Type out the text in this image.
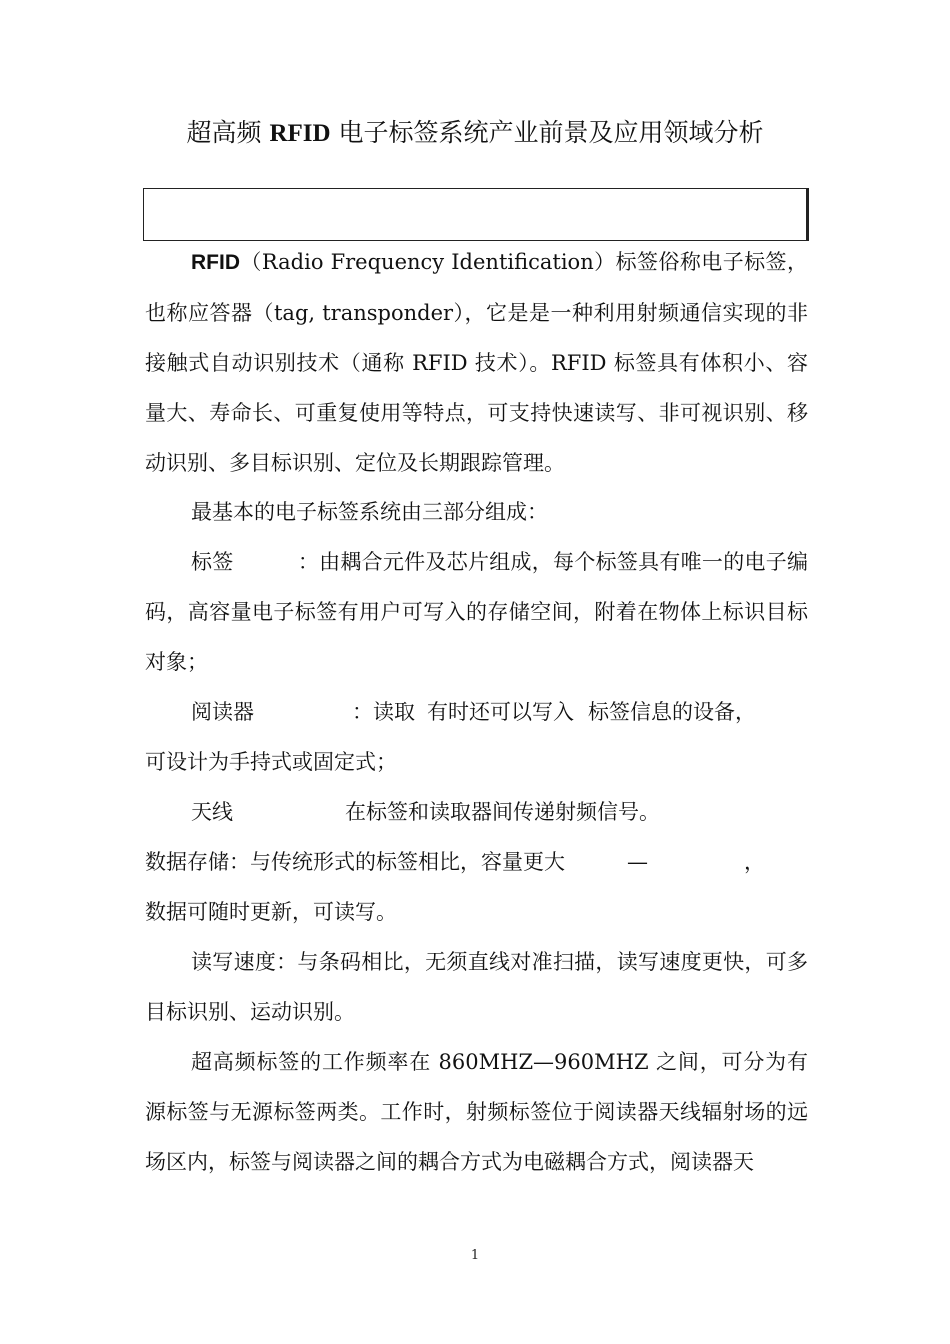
超高频 RFID 电子标签系统产业前景及应用领域分析
RFID（Radio Frequency Identification）标签俗称电子标签，也称应答器（tag, transponder），它是是一种利用射频通信实现的非接触式自动识别技术（通称 RFID 技术）。RFID 标签具有体积小、容量大、寿命长、可重复使用等特点，可支持快速读写、非可视识别、移动识别、多目标识别、定位及长期跟踪管理。
最基本的电子标签系统由三部分组成：
标签	：由耦合元件及芯片组成，每个标签具有唯一的电子编码，高容量电子标签有用户可写入的存储空间，附着在物体上标识目标对象；
阅读器	：读取 有时还可以写入 标签信息的设备，
可设计为手持式或固定式；
天线	在标签和读取器间传递射频信号。
数据存储：与传统形式的标签相比，容量更大	—	，
数据可随时更新，可读写。
读写速度：与条码相比，无须直线对准扫描，读写速度更快，可多目标识别、运动识别。
超高频标签的工作频率在 860MHZ—960MHZ 之间，可分为有源标签与无源标签两类。工作时，射频标签位于阅读器天线辐射场的远场区内，标签与阅读器之间的耦合方式为电磁耦合方式，阅读器天
1
